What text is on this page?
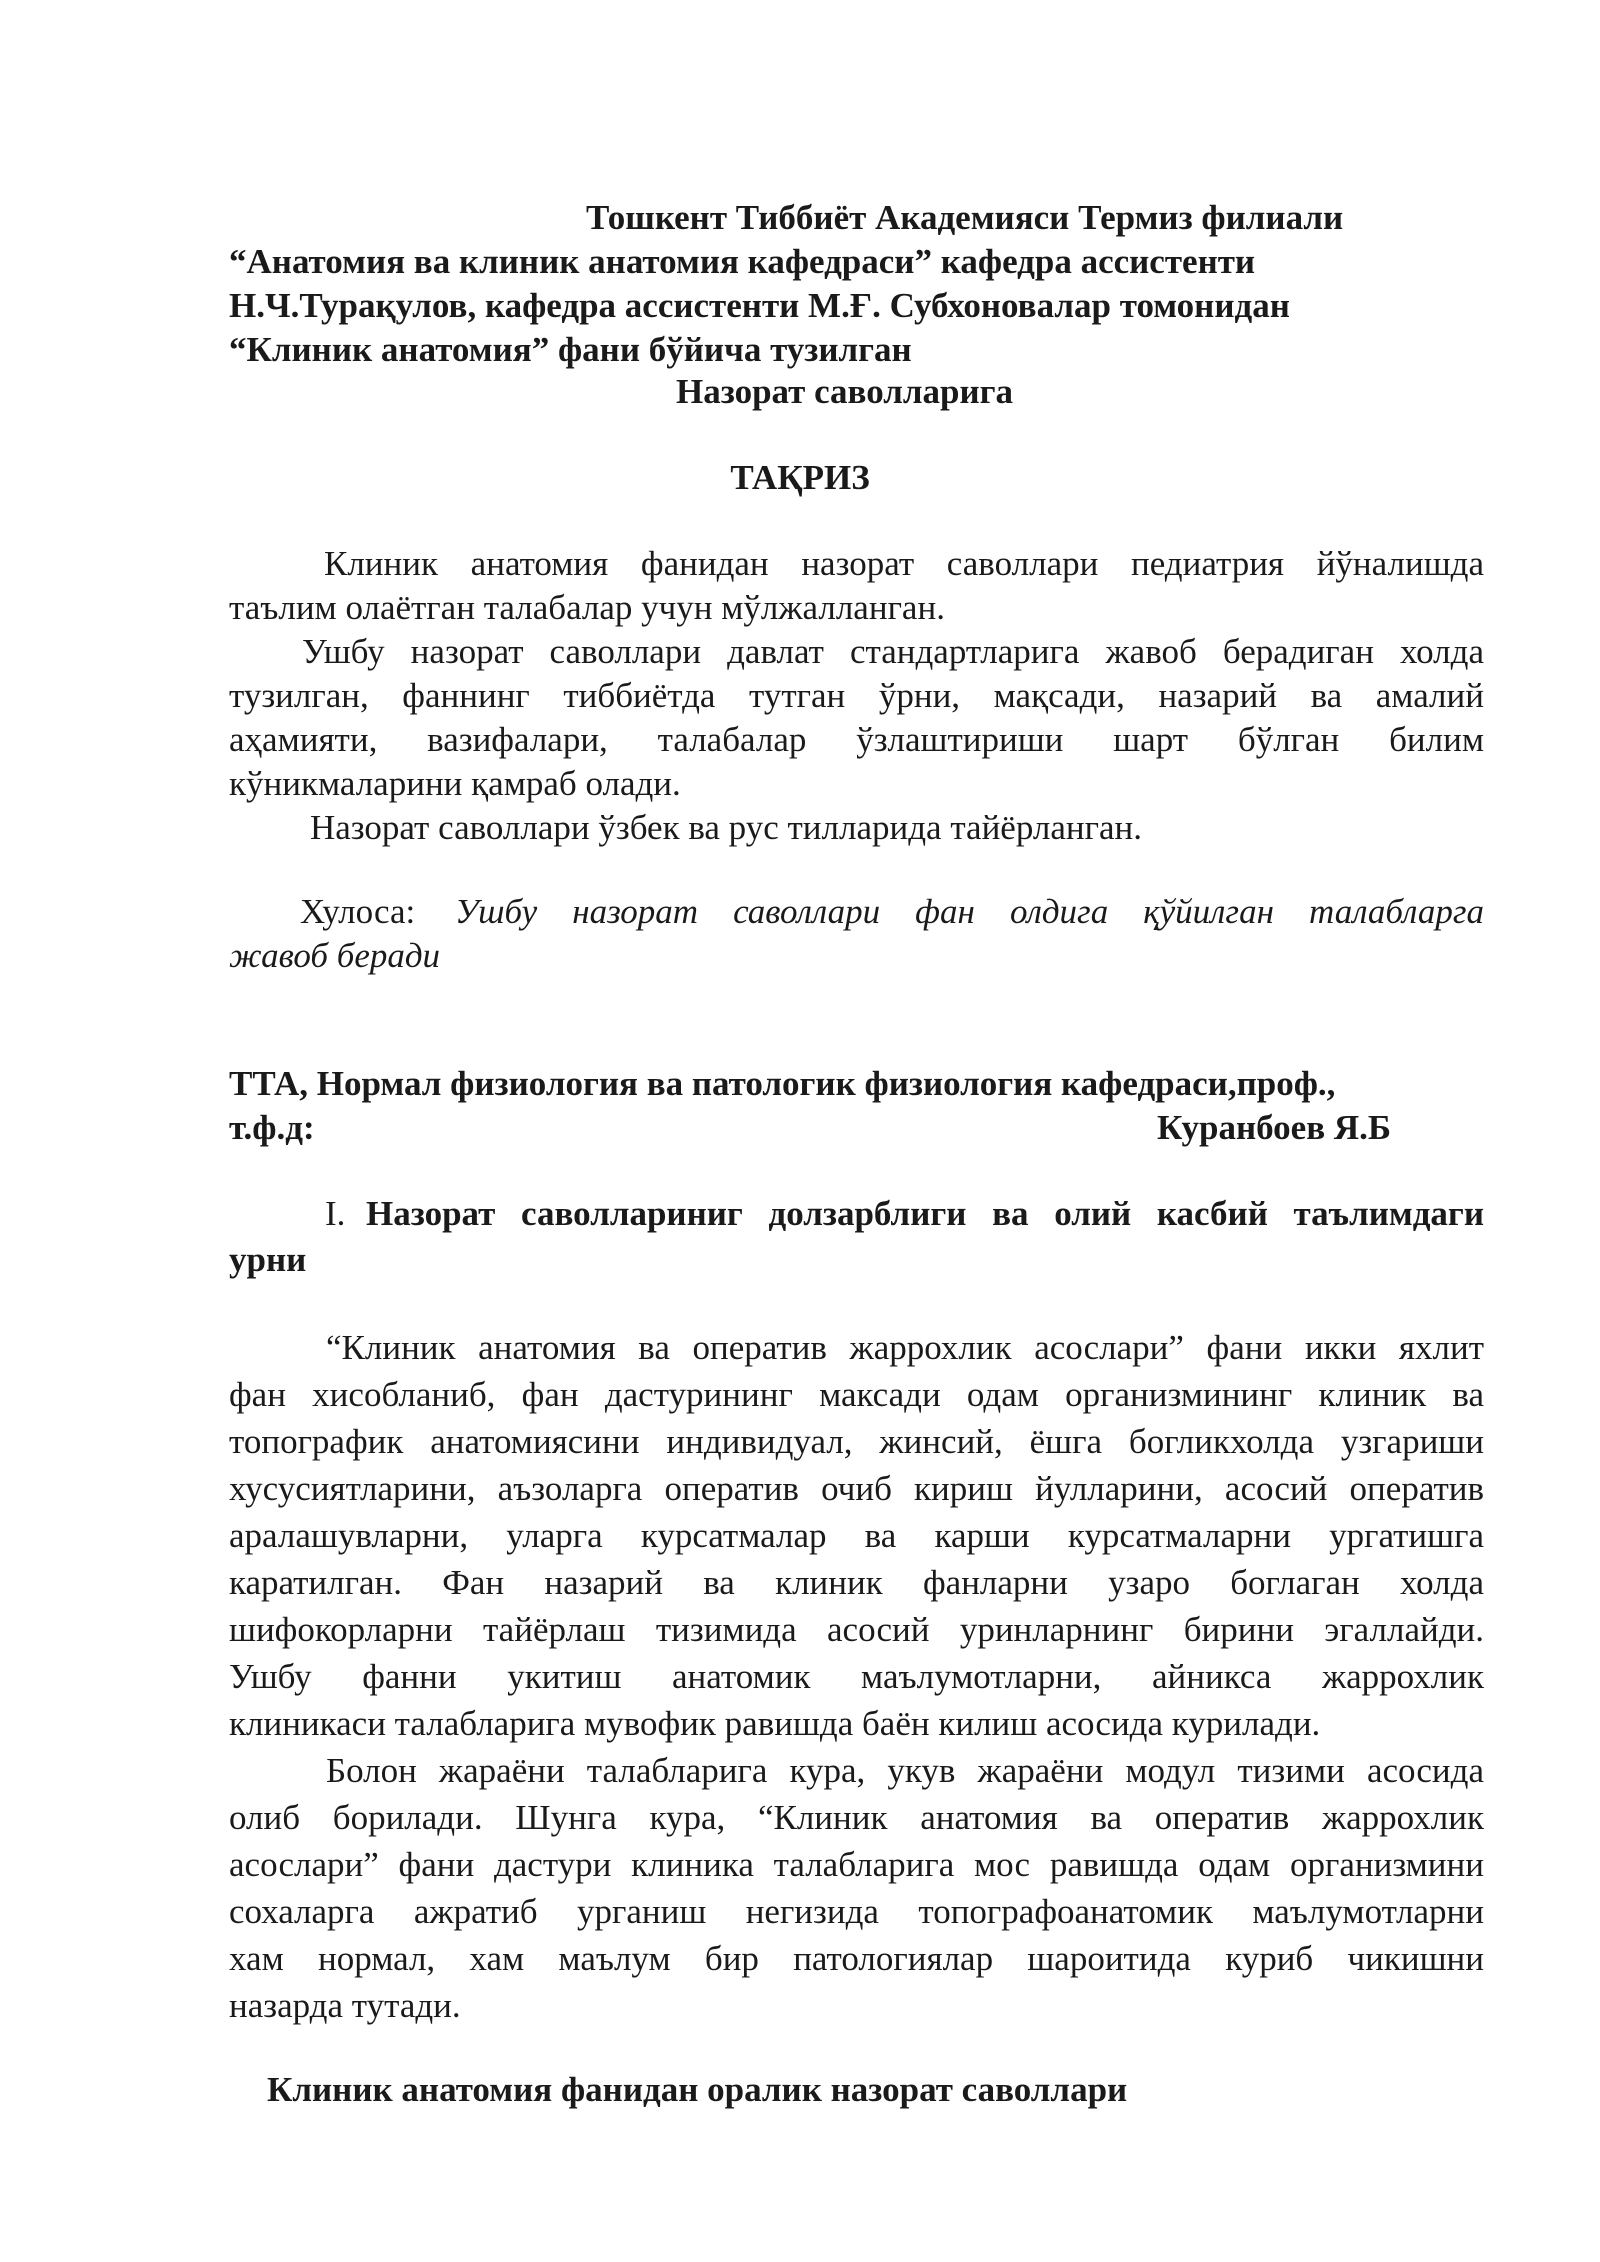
Тошкент Тиббиёт Академияси Термиз филиали
“Анатомия ва клиник анатомия кафедраси” кафедра ассистенти
Н.Ч.Турақулов, кафедра ассистенти М.Ғ. Субхоновалар томонидан
“Клиник анатомия” фани бўйича тузилган
Назорат саволларига
ТАҚРИЗ
Клиник анатомия фанидан назорат саволлари педиатрия йўналишда
таълим олаётган талабалар учун мўлжалланган.
Ушбу назорат саволлари давлат стандартларига жавоб берадиган холда
тузилган, фаннинг тиббиётда тутган ўрни, мақсади, назарий ва амалий
аҳамияти, вазифалари, талабалар ўзлаштириши шарт бўлган билим
кўникмаларини қамраб олади.
Назорат саволлари ўзбек ва рус тилларида тайёрланган.
Хулоса: Ушбу назорат саволлари фан олдига қўйилган талабларга
жавоб беради
ТТА, Нормал физиология ва патологик физиология кафедраси,проф.,
т.ф.д:	Куранбоев Я.Б
I. Назорат саволлариниг долзарблиги ва олий касбий таълимдаги
урни
“Клиник анатомия ва оператив жаррохлик асослари” фани икки яхлит
фан хисобланиб, фан дастурининг максади одам организмининг клиник ва
топографик анатомиясини индивидуал, жинсий, ёшга богликхолда узгариши
хусусиятларини, аъзоларга оператив очиб кириш йулларини, асосий оператив
аралашувларни, уларга курсатмалар ва карши курсатмаларни ургатишга
каратилган. Фан назарий ва клиник фанларни узаро боглаган холда
шифокорларни тайёрлаш тизимида асосий уринларнинг бирини эгаллайди.
Ушбу фанни укитиш анатомик маълумотларни, айникса жаррохлик
клиникаси талабларига мувофик равишда баён килиш асосида курилади.
Болон жараёни талабларига кура, укув жараёни модул тизими асосида
олиб борилади. Шунга кура, “Клиник анатомия ва оператив жаррохлик
асослари” фани дастури клиника талабларига мос равишда одам организмини
сохаларга ажратиб урганиш негизида топографоанатомик маълумотларни
хам нормал, хам маълум бир патологиялар шароитида куриб чикишни
назарда тутади.
Клиник анатомия фанидан оралик назорат саволлари
